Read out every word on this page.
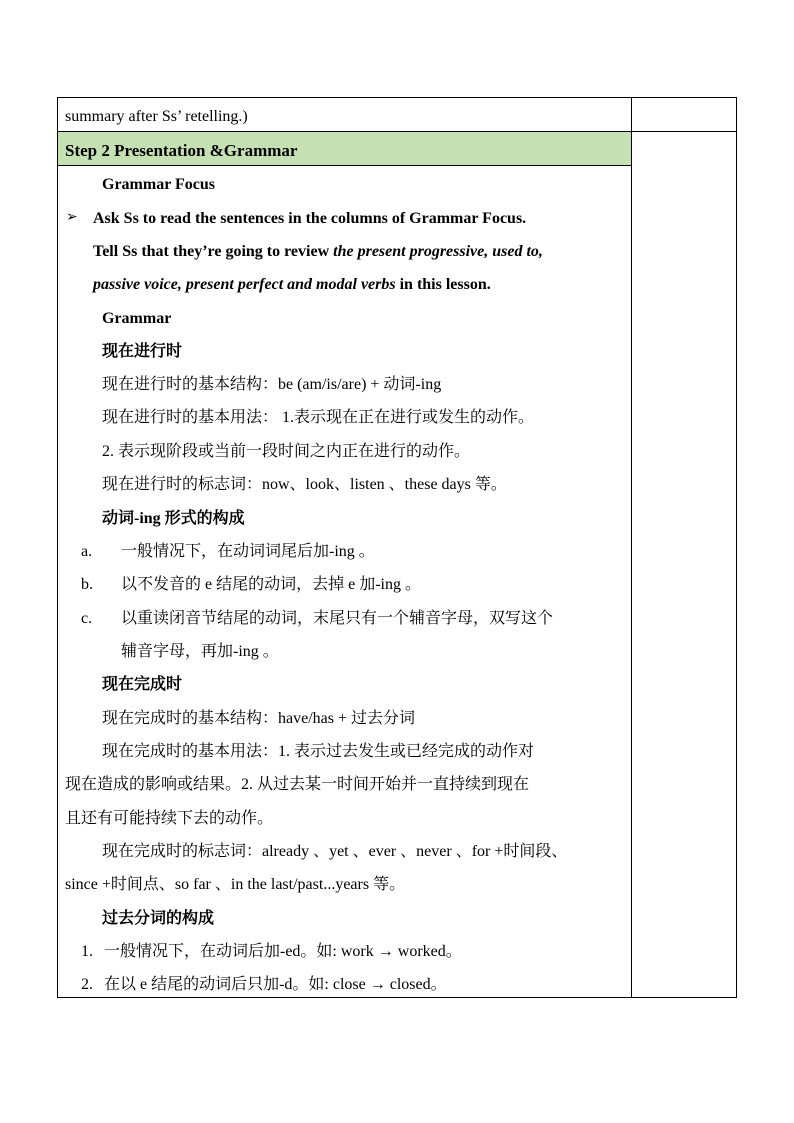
summary after Ss’ retelling.)
Step 2 Presentation &Grammar
Grammar Focus
➢ Ask Ss to read the sentences in the columns of Grammar Focus.
Tell Ss that they’re going to review the present progressive, used to,
passive voice, present perfect and modal verbs in this lesson.
Grammar
现在进行时
现在进行时的基本结构：be (am/is/are) + 动词-ing
现在进行时的基本用法： 1.表示现在正在进行或发生的动作。
2. 表示现阶段或当前一段时间之内正在进行的动作。
现在进行时的标志词：now、look、listen 、these days 等。
动词-ing 形式的构成
a. 一般情况下，在动词词尾后加-ing 。
b. 以不发音的 e 结尾的动词，去掉 e 加-ing 。
c. 以重读闭音节结尾的动词，末尾只有一个辅音字母，双写这个
辅音字母，再加-ing 。
现在完成时
现在完成时的基本结构：have/has + 过去分词
现在完成时的基本用法：1. 表示过去发生或已经完成的动作对
现在造成的影响或结果。2. 从过去某一时间开始并一直持续到现在
且还有可能持续下去的动作。
现在完成时的标志词：already 、yet 、ever 、never 、for +时间段、
since +时间点、so far 、in the last/past...years 等。
过去分词的构成
1. 一般情况下，在动词后加-ed。如: work → worked。
2. 在以 e 结尾的动词后只加-d。如: close → closed。
